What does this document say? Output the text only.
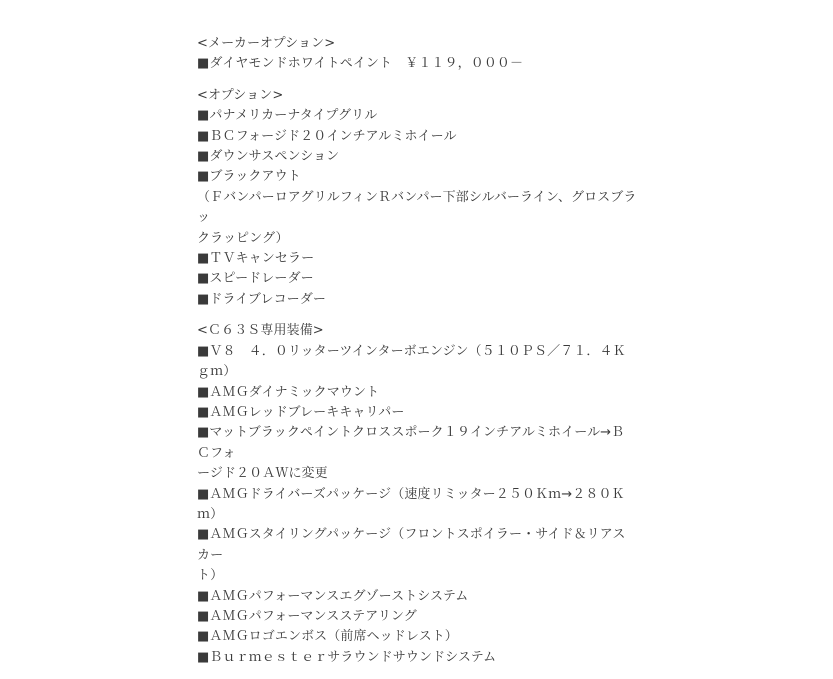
<メーカーオプション>
■ダイヤモンドホワイトペイント　￥１１９，０００－
<オプション>
■パナメリカーナタイプグリル
■ＢＣフォージド２０インチアルミホイール
■ダウンサスペンション
■ブラックアウト
（ＦバンパーロアグリルフィンＲバンパー下部シルバーライン、グロスブラッ
クラッピング）
■ＴＶキャンセラー
■スピードレーダー
■ドライブレコーダー
<Ｃ６３Ｓ専用装備>
■Ｖ８　４．０リッターツインターボエンジン（５１０ＰＳ／７１．４Ｋｇｍ）
■ＡＭＧダイナミックマウント
■ＡＭＧレッドブレーキキャリパー
■マットブラックペイントクロススポーク１９インチアルミホイール→ＢＣフォ
ージド２０ＡＷに変更
■ＡＭＧドライバーズパッケージ（速度リミッター２５０Ｋｍ→２８０Ｋｍ）
■ＡＭＧスタイリングパッケージ（フロントスポイラー・サイド＆リアスカー
ト）
■ＡＭＧパフォーマンスエグゾーストシステム
■ＡＭＧパフォーマンスステアリング
■ＡＭＧロゴエンボス（前席ヘッドレスト）
■Ｂｕｒｍｅｓｔｅｒサラウンドサウンドシステム
